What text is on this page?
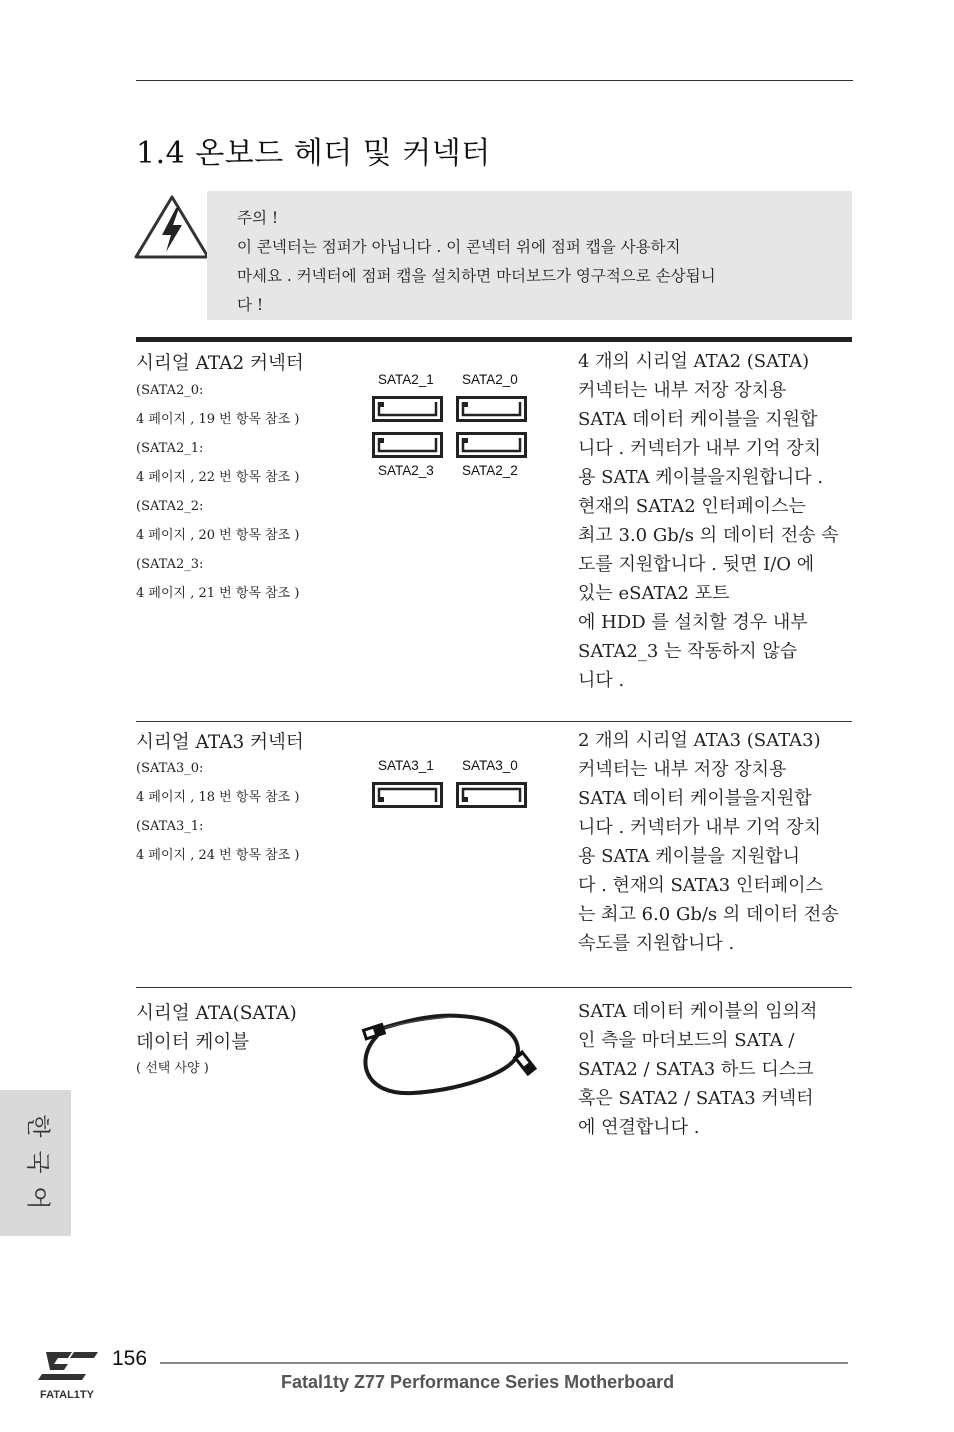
1.4 온보드 헤더 및 커넥터
주의 !
이 콘넥터는 점퍼가 아닙니다 . 이 콘넥터 위에 점퍼 캡을 사용하지
마세요 . 커넥터에 점퍼 캡을 설치하면 마더보드가 영구적으로 손상됩니
다 !
시리얼 ATA2 커넥터
(SATA2_0:
4 페이지 , 19 번 항목 참조 )
(SATA2_1:
4 페이지 , 22 번 항목 참조 )
(SATA2_2:
4 페이지 , 20 번 항목 참조 )
(SATA2_3:
4 페이지 , 21 번 항목 참조 )
SATA2_1 SATA2_0
SATA2_3 SATA2_2
4 개의 시리얼 ATA2 (SATA)
커넥터는 내부 저장 장치용
SATA 데이터 케이블을 지원합
니다 . 커넥터가 내부 기억 장치
용 SATA 케이블을지원합니다 .
현재의 SATA2 인터페이스는
최고 3.0 Gb/s 의 데이터 전송 속
도를 지원합니다 . 뒷면 I/O 에
있는 eSATA2 포트
에 HDD 를 설치할 경우 내부
SATA2_3 는 작동하지 않습
니다 .
시리얼 ATA3 커넥터
(SATA3_0:
4 페이지 , 18 번 항목 참조 )
(SATA3_1:
4 페이지 , 24 번 항목 참조 )
SATA3_1 SATA3_0
2 개의 시리얼 ATA3 (SATA3)
커넥터는 내부 저장 장치용
SATA 데이터 케이블을지원합
니다 . 커넥터가 내부 기억 장치
용 SATA 케이블을 지원합니
다 . 현재의 SATA3 인터페이스
는 최고 6.0 Gb/s 의 데이터 전송
속도를 지원합니다 .
시리얼 ATA(SATA)
데이터 케이블
( 선택 사양 )
SATA 데이터 케이블의 임의적
인 측을 마더보드의 SATA /
SATA2 / SATA3 하드 디스크
혹은 SATA2 / SATA3 커넥터
에 연결합니다 .
한
국
어
FATAL1TY
156
Fatal1ty Z77 Performance Series Motherboard
